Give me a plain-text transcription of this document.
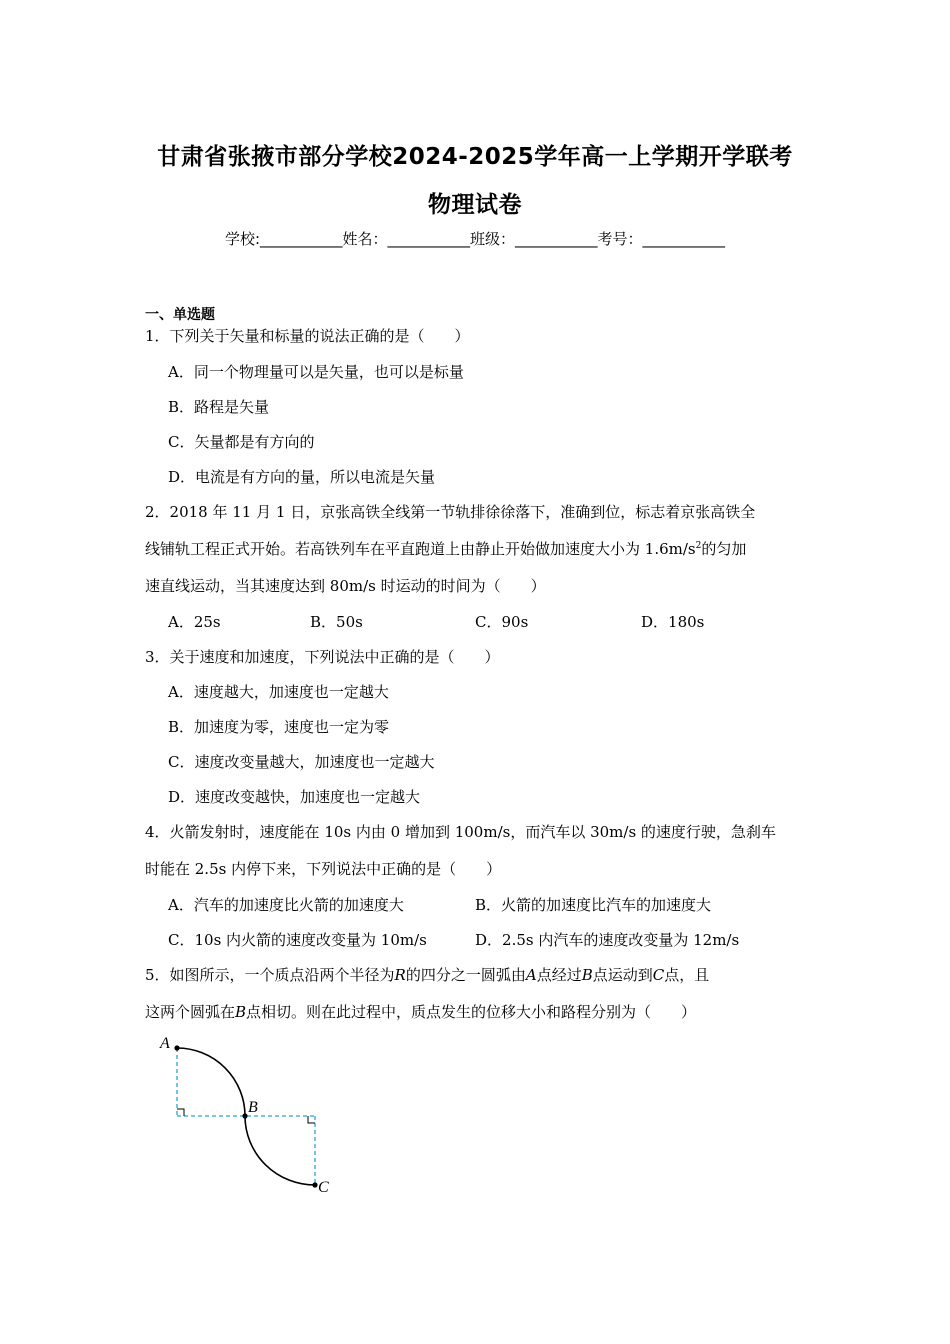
甘肃省张掖市部分学校2024-2025学年高一上学期开学联考
物理试卷
学校:___________姓名：___________班级：___________考号：___________
一、单选题
1．下列关于矢量和标量的说法正确的是（　　）
A．同一个物理量可以是矢量，也可以是标量
B．路程是矢量
C．矢量都是有方向的
D．电流是有方向的量，所以电流是矢量
2．2018 年 11 月 1 日，京张高铁全线第一节轨排徐徐落下，准确到位，标志着京张高铁全
线铺轨工程正式开始。若高铁列车在平直跑道上由静止开始做加速度大小为 $1.6m/s^2$的匀加
速直线运动，当其速度达到 80m/s 时运动的时间为（　　）
A．25s	B．50s	C．90s	D．180s
3．关于速度和加速度，下列说法中正确的是（　　）
A．速度越大，加速度也一定越大
B．加速度为零，速度也一定为零
C．速度改变量越大，加速度也一定越大
D．速度改变越快，加速度也一定越大
4．火箭发射时，速度能在 10s 内由 0 增加到 100m/s，而汽车以 30m/s 的速度行驶，急刹车
时能在 2.5s 内停下来，下列说法中正确的是（　　）
A．汽车的加速度比火箭的加速度大	B．火箭的加速度比汽车的加速度大
C．10s 内火箭的速度改变量为 10m/s	D．2.5s 内汽车的速度改变量为 12m/s
5．如图所示，一个质点沿两个半径为R的四分之一圆弧由A点经过B点运动到C点，且
这两个圆弧在B点相切。则在此过程中，质点发生的位移大小和路程分别为（　　）
A
B
C
